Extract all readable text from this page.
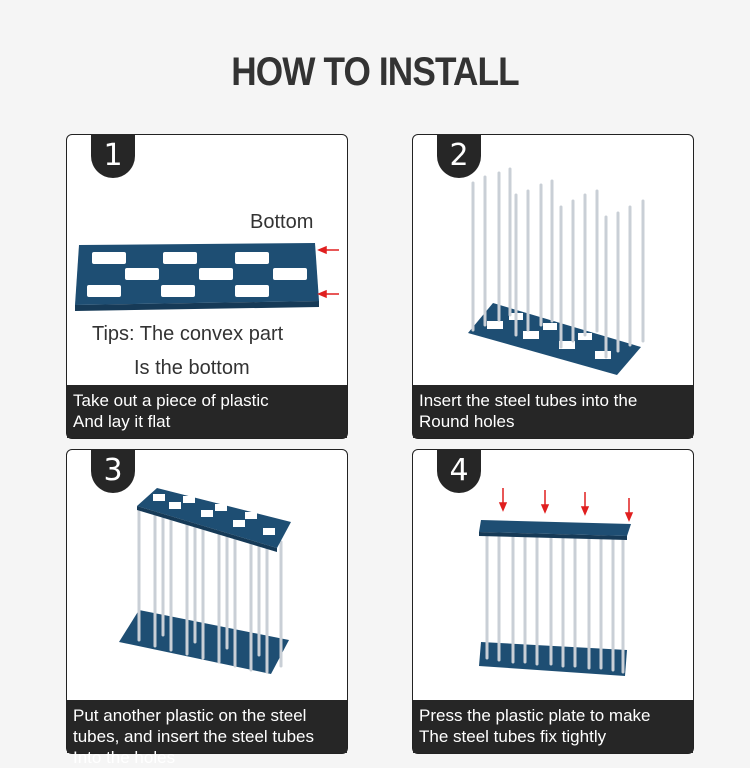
HOW TO INSTALL
1
Bottom
Tips: The convex part
Is the bottom
Take out a piece of plastic
And lay it flat
2
Insert the steel tubes into the
Round holes
3
Put another plastic on the steel
tubes, and insert the steel tubes
Into the holes
4
Press the plastic plate to make
The steel tubes fix tightly
